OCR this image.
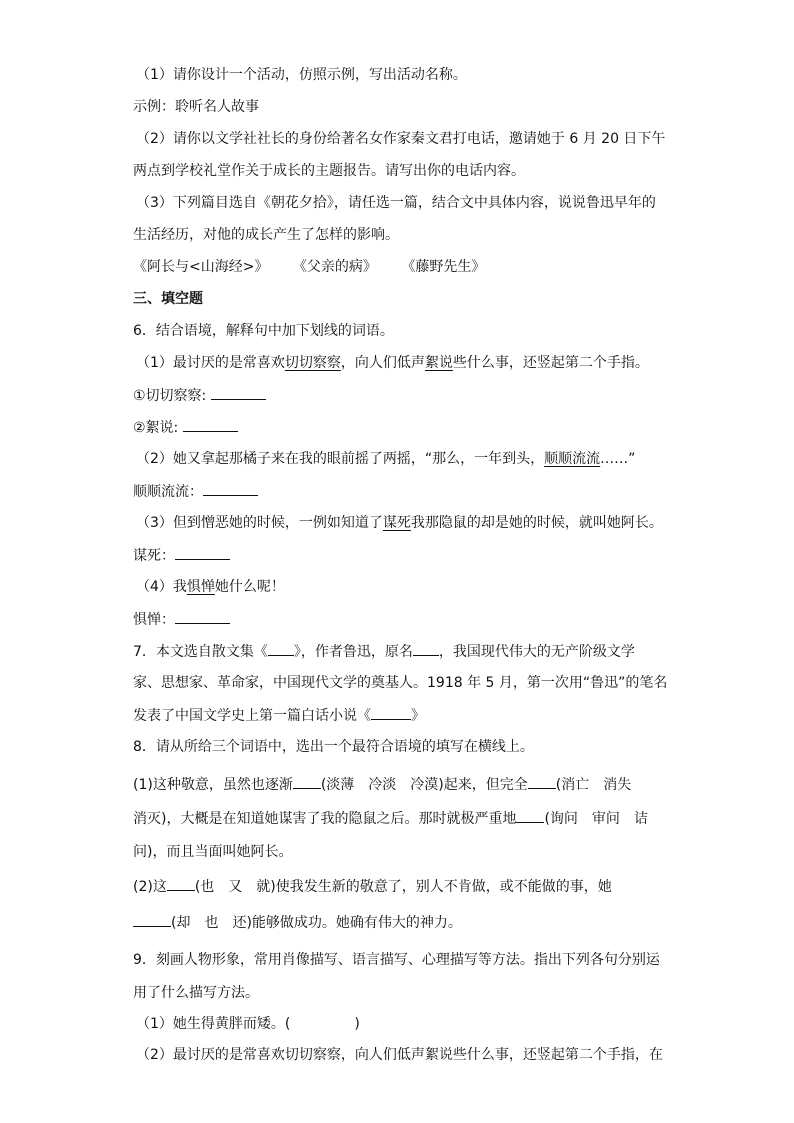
（1）请你设计一个活动，仿照示例，写出活动名称。
示例：聆听名人故事
（2）请你以文学社社长的身份给著名女作家秦文君打电话，邀请她于 6 月 20 日下午
两点到学校礼堂作关于成长的主题报告。请写出你的电话内容。
（3）下列篇目选自《朝花夕拾》，请任选一篇，结合文中具体内容，说说鲁迅早年的
生活经历，对他的成长产生了怎样的影响。
《阿长与<山海经>》 《父亲的病》 《藤野先生》
三、填空题
6．结合语境，解释句中加下划线的词语。
（1）最讨厌的是常喜欢切切察察，向人们低声絮说些什么事，还竖起第二个手指。
①切切察察:
②絮说:
（2）她又拿起那橘子来在我的眼前摇了两摇，“那么，一年到头，顺顺流流……”
顺顺流流：
（3）但到憎恶她的时候，一例如知道了谋死我那隐鼠的却是她的时候，就叫她阿长。
谋死：
（4）我惧惮她什么呢！
惧惮：
7．本文选自散文集《 》，作者鲁迅，原名 ，我国现代伟大的无产阶级文学
家、思想家、革命家，中国现代文学的奠基人。1918 年 5 月，第一次用“鲁迅”的笔名
发表了中国文学史上第一篇白话小说《	》
8．请从所给三个词语中，选出一个最符合语境的填写在横线上。
(1)这种敬意，虽然也逐渐 (淡薄　冷淡　冷漠)起来，但完全 (消亡　消失
消灭)，大概是在知道她谋害了我的隐鼠之后。那时就极严重地 (询问　审问　诘
问)，而且当面叫她阿长。
(2)这 (也　又　就)使我发生新的敬意了，别人不肯做，或不能做的事，她
(却　也　还)能够做成功。她确有伟大的神力。
9．刻画人物形象，常用肖像描写、语言描写、心理描写等方法。指出下列各句分别运
用了什么描写方法。
（1）她生得黄胖而矮。(	)
（2）最讨厌的是常喜欢切切察察，向人们低声絮说些什么事，还竖起第二个手指，在
